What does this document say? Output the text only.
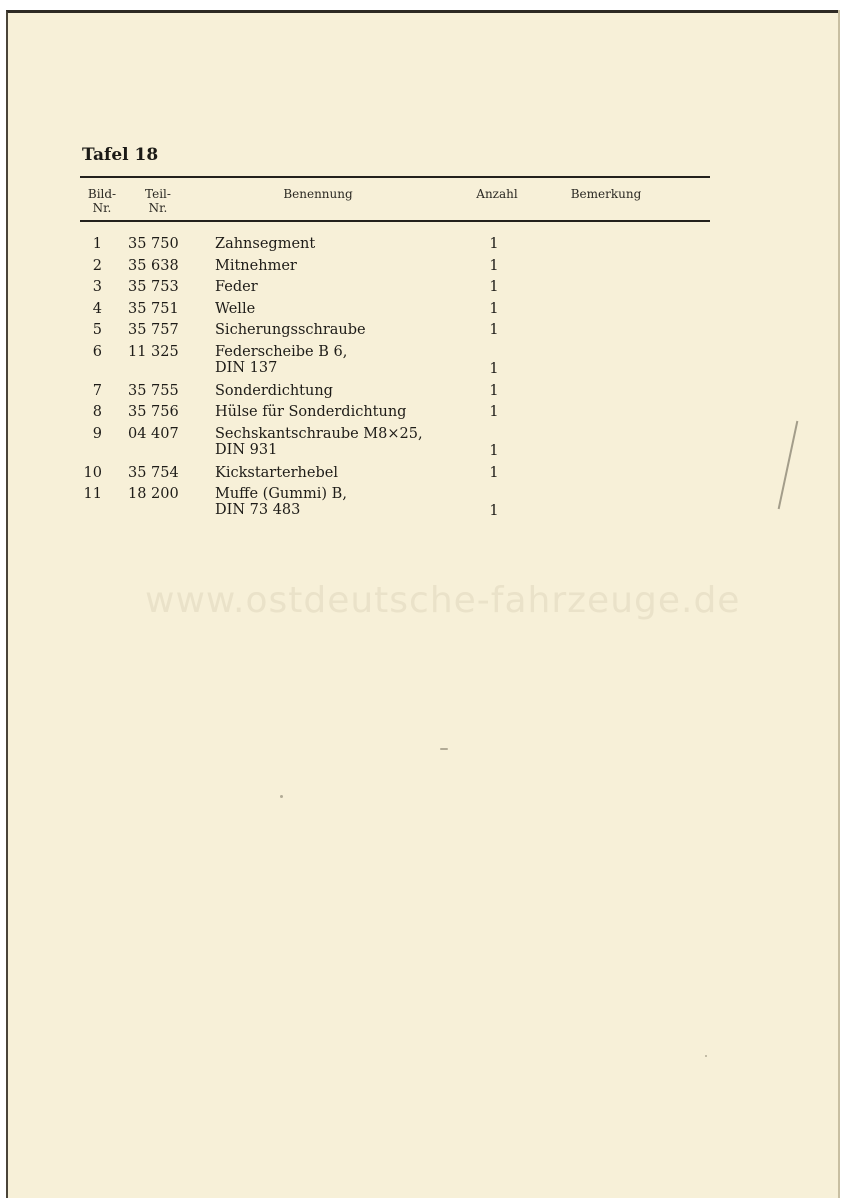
Tafel 18
Bild-
Nr.
Teil-
Nr.
Benennung	Anzahl	Bemerkung
1 35 750	Zahnsegment	1
2 35 638	Mitnehmer	1
3 35 753	Feder	1
4 35 751	Welle	1
5 35 757	Sicherungsschraube	1
6 11 325	Federscheibe B 6,
DIN 137	1
7 35 755	Sonderdichtung	1
8 35 756	Hülse für Sonderdichtung	1
9 04 407	Sechskantschraube M8×25,
DIN 931	1
10 35 754	Kickstarterhebel	1
11 18 200	Muffe (Gummi) B,
DIN 73 483	1
www.ostdeutsche-fahrzeuge.de
